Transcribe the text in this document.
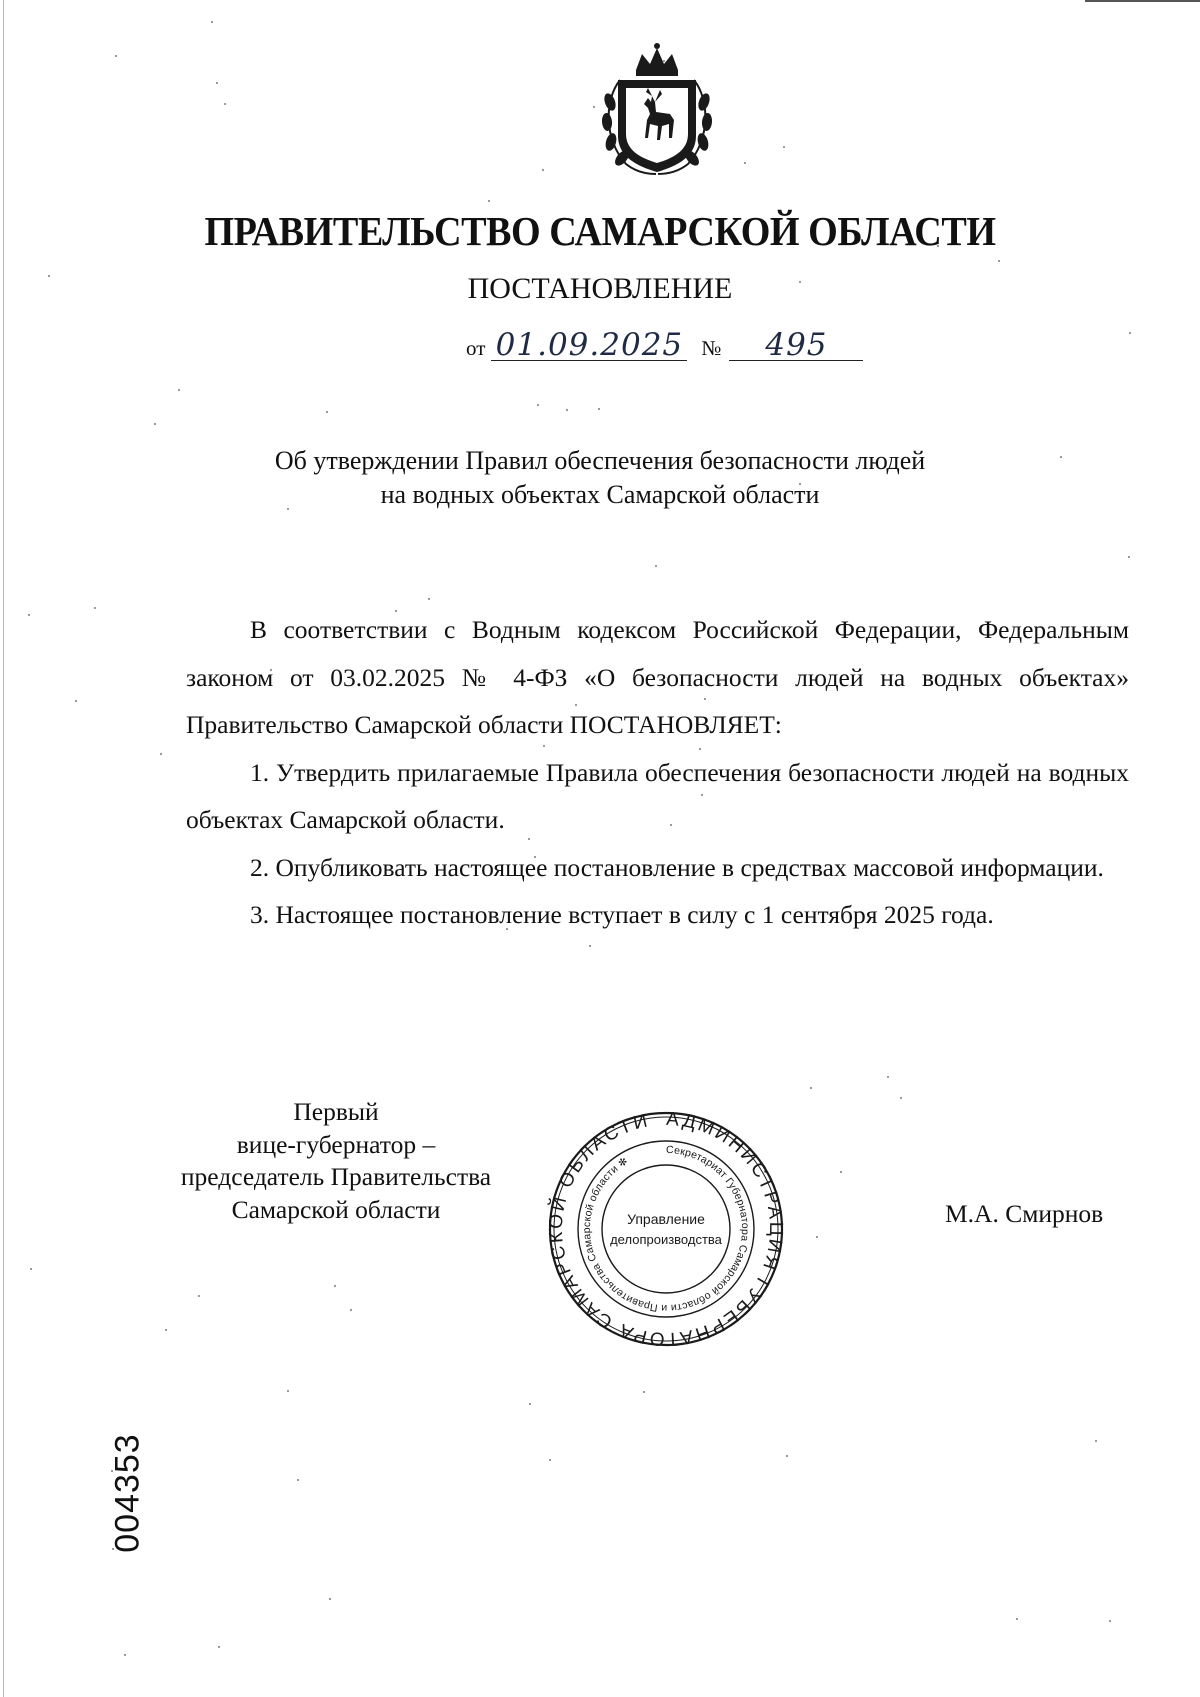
ПРАВИТЕЛЬСТВО САМАРСКОЙ ОБЛАСТИ
ПОСТАНОВЛЕНИЕ
от 01.09.2025 № 495
Об утверждении Правил обеспечения безопасности людей
на водных объектах Самарской области

В соответствии с Водным кодексом Российской Федерации, Федеральным законом от 03.02.2025 № 4-ФЗ «О безопасности людей на водных объектах» Правительство Самарской области ПОСТАНОВЛЯЕТ:

1. Утвердить прилагаемые Правила обеспечения безопасности людей на водных объектах Самарской области.

2. Опубликовать настоящее постановление в средствах массовой информации.

3. Настоящее постановление вступает в силу с 1 сентября 2025 года.

Первый
вице-губернатор –
председатель Правительства
Самарской области
АДМИНИСТРАЦИЯ ГУБЕРНАТОРА САМАРСКОЙ ОБЛАСТИ ✻
Секретариат Губернатора Самарской области и Правительства Самарской области ✻
Управление
делопроизводства
М.А. Смирнов
004353
